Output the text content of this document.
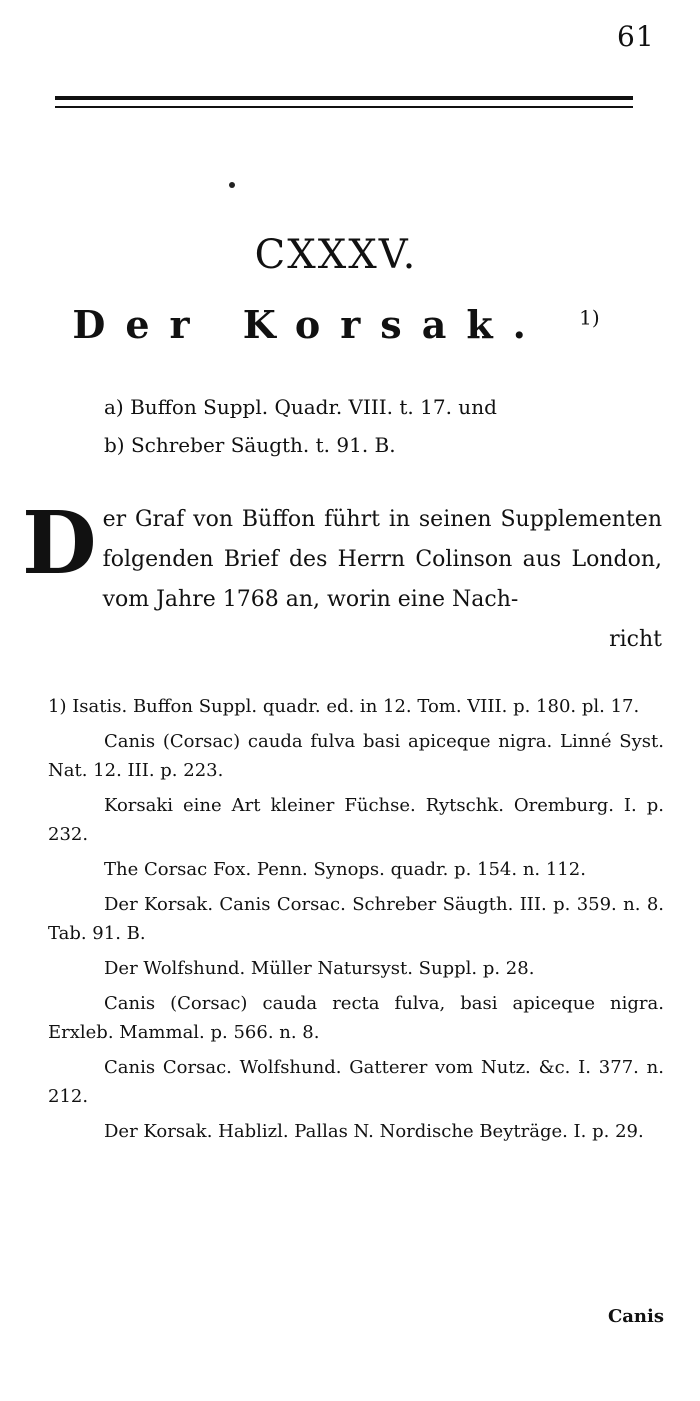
61
CXXXV.
Der Korsak. $^{1)}$
a) Buffon Suppl. Quadr. VIII. t. 17. und
b) Schreber Säugth. t. 91. B.
D er Graf von Büffon führt in seinen Supplementen folgenden Brief des Herrn Colinson aus London, vom Jahre 1768 an, worin eine Nach-
richt
1) Isatis. Buffon Suppl. quadr. ed. in 12. Tom. VIII. p. 180. pl. 17.
Canis (Corsac) cauda fulva basi apiceque nigra. Linné Syst. Nat. 12. III. p. 223.
Korsaki eine Art kleiner Füchse. Rytschk. Oremburg. I. p. 232.
The Corsac Fox. Penn. Synops. quadr. p. 154. n. 112.
Der Korsak. Canis Corsac. Schreber Säugth. III. p. 359. n. 8. Tab. 91. B.
Der Wolfshund. Müller Natursyst. Suppl. p. 28.
Canis (Corsac) cauda recta fulva, basi apiceque nigra. Erxleb. Mammal. p. 566. n. 8.
Canis Corsac. Wolfshund. Gatterer vom Nutz. &c. I. 377. n. 212.
Der Korsak. Hablizl. Pallas N. Nordische Beyträge. I. p. 29.
Canis
